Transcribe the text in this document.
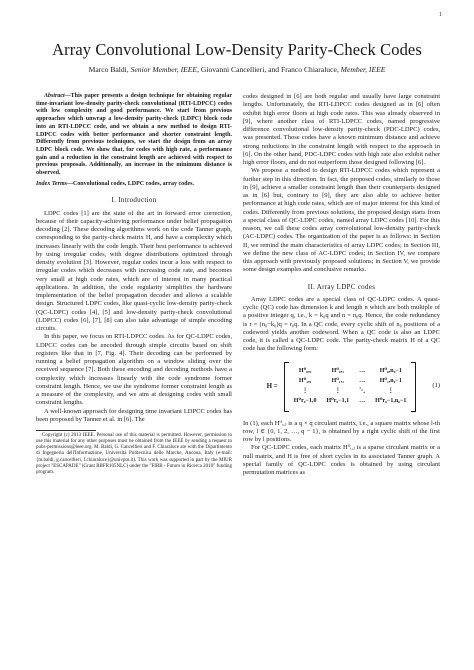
1
Array Convolutional Low-Density Parity-Check Codes
Marco Baldi, Senior Member, IEEE, Giovanni Cancellieri, and Franco Chiaraluce, Member, IEEE
Abstract—This paper presents a design technique for obtaining regular time-invariant low-density parity-check convolutional (RTI-LDPCC) codes with low complexity and good performance. We start from previous approaches which unwrap a low-density parity-check (LDPC) block code into an RTI-LDPCC code, and we obtain a new method to design RTI-LDPCC codes with better performance and shorter constraint length. Differently from previous techniques, we start the design from an array LDPC block code. We show that, for codes with high rate, a performance gain and a reduction in the constraint length are achieved with respect to previous proposals. Additionally, an increase in the minimum distance is observed.
Index Terms—Convolutional codes, LDPC codes, array codes.
I. Introduction

LDPC codes [1] are the state of the art in forward error correction, because of their capacity-achieving performance under belief propagation decoding [2]. These decoding algorithms work on the code Tanner graph, corresponding to the parity-check matrix H, and have a complexity which increases linearly with the code length. Their best performance is achieved by using irregular codes, with degree distributions optimized through density evolution [3]. However, regular codes incur a loss with respect to irregular codes which decreases with increasing code rate, and becomes very small at high code rates, which are of interest in many practical applications. In addition, the code regularity simplifies the hardware implementation of the belief propagation decoder and allows a scalable design. Structured LDPC codes, like quasi-cyclic low-density parity-check (QC-LDPC) codes [4], [5] and low-density parity-check convolutional (LDPCC) codes [6], [7], [8] can also take advantage of simple encoding circuits.

In this paper, we focus on RTI-LDPCC codes. As for QC-LDPC codes, LDPCC codes can be encoded through simple circuits based on shift registers like that in [7, Fig. 4]. Their decoding can be performed by running a belief propagation algorithm on a window sliding over the received sequence [7]. Both these encoding and decoding methods have a complexity which increases linearly with the code syndrome former constraint length. Hence, we use the syndrome former constraint length as a measure of the complexity, and we aim at designing codes with small constraint lengths.

A well-known approach for designing time invariant LDPCC codes has been proposed by Tanner et al. in [6]. The

Copyright (c) 2013 IEEE. Personal use of this material is permitted. However, permission to use this material for any other purposes must be obtained from the IEEE by sending a request to pubs-permissions@ieee.org. M. Baldi, G. Cancellieri and F. Chiaraluce are with the Dipartimento di Ingegneria dell'Informazione, Università Politecnica delle Marche, Ancona, Italy (e-mail: {m.baldi, g.cancellieri, f.chiaraluce}@univpm.it). This work was supported in part by the MIUR project "ESCAPADE" (Grant RBFR105NLC) under the "FIRB - Futuro in Ricerca 2010" funding program.

codes designed in [6] are both regular and usually have large constraint lengths. Unfortunately, the RTI-LDPCC codes designed as in [6] often exhibit high error floors at high code rates. This was already observed in [9], where another class of RTI-LDPCC codes, named progressive difference convolutional low-density parity-check (PDC-LDPC) codes, was presented. Those codes have a known minimum distance and achieve strong reductions in the constraint length with respect to the approach in [6]. On the other hand, PDC-LDPC codes with high rate also exhibit rather high error floors, and do not outperform those designed following [6].

We propose a method to design RTI-LDPCC codes which represent a further step in this direction. In fact, the proposed codes, similarly to those in [9], achieve a smaller constraint length than their counterparts designed as in [6] but, contrary to [9], they are also able to achieve better performance at high code rates, which are of major interest for this kind of codes. Differently from previous solutions, the proposed design starts from a special class of QC-LDPC codes, named array LDPC codes [10]. For this reason, we call these codes array convolutional low-density parity-check (AC-LDPC) codes. The organization of the paper is as follows: in Section II, we remind the main characteristics of array LDPC codes; in Section III, we define the new class of AC-LDPC codes; in Section IV, we compare this approach with previously proposed solutions; in Section V, we provide some design examples and conclusive remarks.

II. Array LDPC codes

Array LDPC codes are a special class of QC-LDPC codes. A quasi-cyclic (QC) code has dimension k and length n which are both multiple of a positive integer q, i.e., k = k₀q and n = n₀q. Hence, the code redundancy is r = (n₀−k₀)q = r₀q. In a QC code, every cyclic shift of n₀ positions of a codeword yields another codeword. When a QC code is also an LDPC code, it is called a QC-LDPC code. The parity-check matrix H of a QC code has the following form:

H =
H⁰₀,₀	H⁰₀,₁	…	H⁰₀,n₀−1
H⁰₁,₀	H⁰₁,₁	…	H⁰₁,n₀−1
⋮	⋮	⋱	⋮
H⁰r₀−1,0	H⁰r₀−1,1	…	H⁰r₀−1,n₀−1
(1)

In (1), each H⁰ᵢ,ⱼ is a q × q circulant matrix, i.e., a square matrix whose l-th row, l ∈ {0, 1, 2, …, q − 1}, is obtained by a right cyclic shift of the first row by l positions.

For QC-LDPC codes, each matrix H⁰ᵢ,ⱼ is a sparse circulant matrix or a null matrix, and H is free of short cycles in its associated Tanner graph. A special family of QC-LDPC codes is obtained by using circulant permutation matrices as
